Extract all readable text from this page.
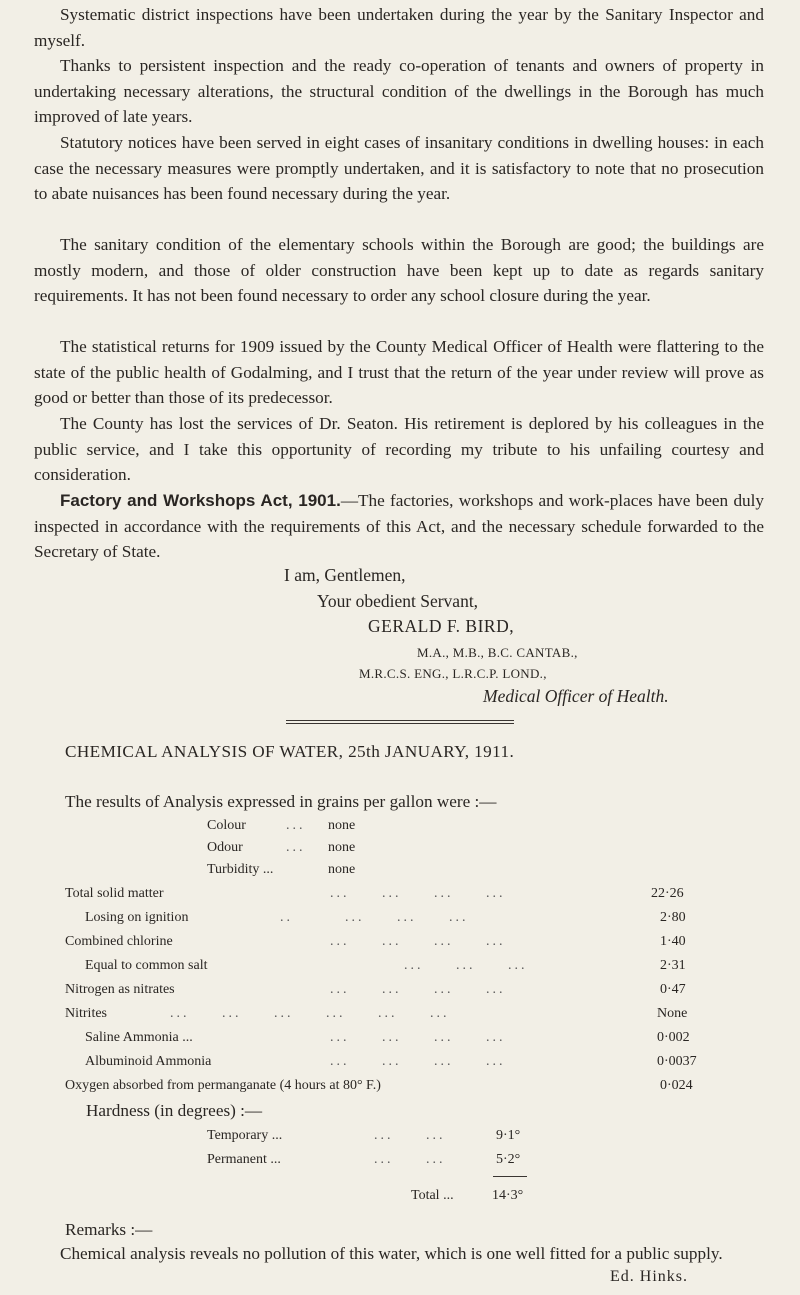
Systematic district inspections have been undertaken during the year by the Sanitary Inspector and myself.

Thanks to persistent inspection and the ready co-operation of tenants and owners of property in undertaking necessary alterations, the structural condition of the dwellings in the Borough has much improved of late years.

Statutory notices have been served in eight cases of insanitary conditions in dwelling houses: in each case the necessary measures were promptly undertaken, and it is satisfactory to note that no prosecution to abate nuisances has been found necessary during the year.

The sanitary condition of the elementary schools within the Borough are good; the buildings are mostly modern, and those of older construction have been kept up to date as regards sanitary requirements. It has not been found necessary to order any school closure during the year.

The statistical returns for 1909 issued by the County Medical Officer of Health were flattering to the state of the public health of Godalming, and I trust that the return of the year under review will prove as good or better than those of its predecessor.

The County has lost the services of Dr. Seaton. His retirement is deplored by his colleagues in the public service, and I take this opportunity of recording my tribute to his unfailing courtesy and consideration.

Factory and Workshops Act, 1901.—The factories, workshops and work-places have been duly inspected in accordance with the requirements of this Act, and the necessary schedule forwarded to the Secretary of State.

I am, Gentlemen,
Your obedient Servant,
GERALD F. BIRD,
M.A., M.B., B.C. CANTAB.,
M.R.C.S. ENG., L.R.C.P. LOND.,
Medical Officer of Health.
CHEMICAL ANALYSIS OF WATER, 25th JANUARY, 1911.
The results of Analysis expressed in grains per gallon were :—
Colour	... none
Odour	... none
Turbidity ...	none
Total solid matter	...     ...     ...     ...	22·26
Losing on ignition	..        ...     ...     ...	2·80
Combined chlorine	...     ...     ...     ...	1·40
Equal to common salt	...     ...     ...	2·31
Nitrogen as nitrates	...     ...     ...     ...	0·47
Nitrites	...     ...     ...     ...     ...     ...	None
Saline Ammonia ...	...     ...     ...     ...	0·002
Albuminoid Ammonia	...     ...     ...     ...	0·0037
Oxygen absorbed from permanganate (4 hours at 80° F.)	0·024
Hardness (in degrees) :—
Temporary ...	...     ...	9·1°
Permanent ...	...     ...	5·2°
Total ...	14·3°
Remarks :—

Chemical analysis reveals no pollution of this water, which is one well fitted for a public supply.

Ed. Hinks.
